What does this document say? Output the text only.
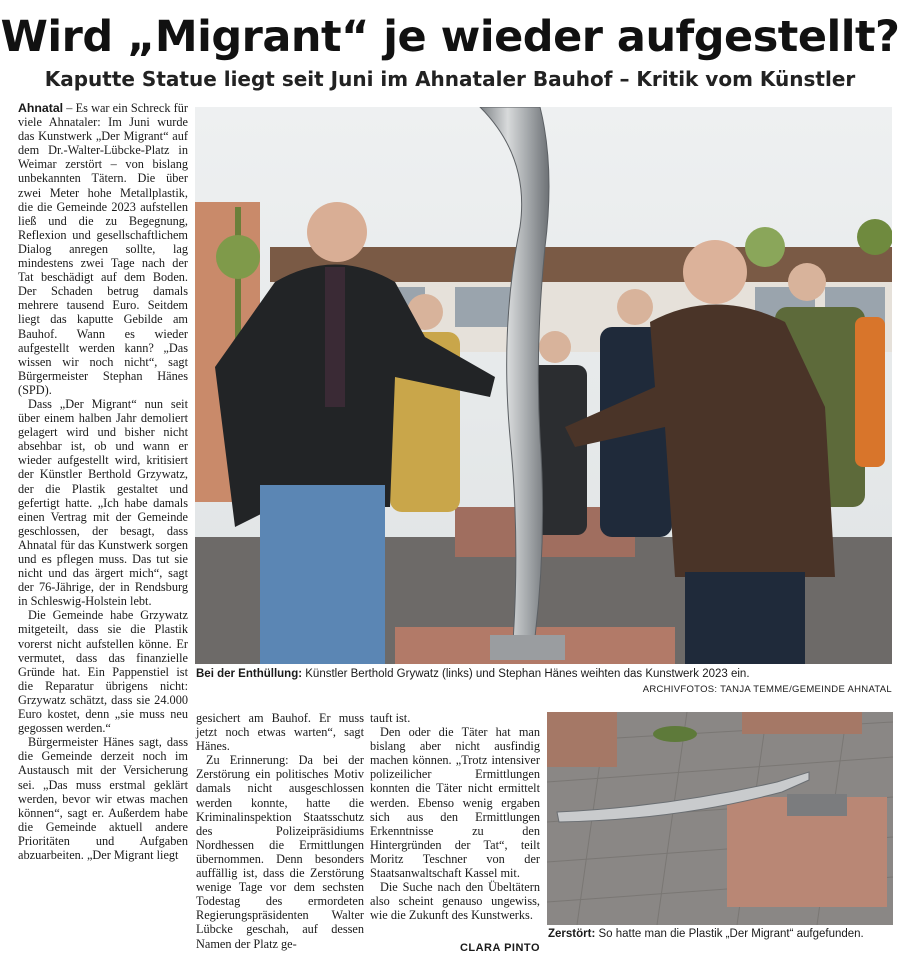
Wird „Migrant“ je wieder aufgestellt?
Kaputte Statue liegt seit Juni im Ahnataler Bauhof – Kritik vom Künstler

Ahnatal – Es war ein Schreck für viele Ahnataler: Im Juni wurde das Kunstwerk „Der Migrant“ auf dem Dr.-Walter-Lübcke-Platz in Weimar zerstört – von bislang unbekannten Tätern. Die über zwei Meter hohe Metallplastik, die die Gemeinde 2023 aufstellen ließ und die zu Begegnung, Reflexion und gesellschaftlichem Dialog anregen sollte, lag mindestens zwei Tage nach der Tat beschädigt auf dem Boden. Der Schaden betrug damals mehrere tausend Euro. Seitdem liegt das kaputte Gebilde am Bauhof. Wann es wieder aufgestellt werden kann? „Das wissen wir noch nicht“, sagt Bürgermeister Stephan Hänes (SPD).

Dass „Der Migrant“ nun seit über einem halben Jahr demoliert gelagert wird und bisher nicht absehbar ist, ob und wann er wieder aufgestellt wird, kritisiert der Künstler Berthold Grzywatz, der die Plastik gestaltet und gefertigt hatte. „Ich habe damals einen Vertrag mit der Gemeinde geschlossen, der besagt, dass Ahnatal für das Kunstwerk sorgen und es pflegen muss. Das tut sie nicht und das ärgert mich“, sagt der 76-Jährige, der in Rendsburg in Schleswig-Holstein lebt.

Die Gemeinde habe Grzywatz mitgeteilt, dass sie die Plastik vorerst nicht aufstellen könne. Er vermutet, dass das finanzielle Gründe hat. Ein Pappenstiel ist die Reparatur übrigens nicht: Grzywatz schätzt, dass sie 24.000 Euro kostet, denn „sie muss neu gegossen werden.“

Bürgermeister Hänes sagt, dass die Gemeinde derzeit noch im Austausch mit der Versicherung sei. „Das muss erstmal geklärt werden, bevor wir etwas machen können“, sagt er. Außerdem habe die Gemeinde aktuell andere Prioritäten und Aufgaben abzuarbeiten. „Der Migrant liegt

gesichert am Bauhof. Er muss jetzt noch etwas warten“, sagt Hänes.

Zu Erinnerung: Da bei der Zerstörung ein politisches Motiv damals nicht ausgeschlossen werden konnte, hatte die Kriminalinspektion Staatsschutz des Polizeipräsidiums Nordhessen die Ermittlungen übernommen. Denn besonders auffällig ist, dass die Zerstörung wenige Tage vor dem sechsten Todestag des ermordeten Regierungspräsidenten Walter Lübcke geschah, auf dessen Namen der Platz ge-

tauft ist.

Den oder die Täter hat man bislang aber nicht ausfindig machen können. „Trotz intensiver polizeilicher Ermittlungen konnten die Täter nicht ermittelt werden. Ebenso wenig ergaben sich aus den Ermittlungen Erkenntnisse zu den Hintergründen der Tat“, teilt Moritz Teschner von der Staatsanwaltschaft Kassel mit.

Die Suche nach den Übeltätern also scheint genauso ungewiss, wie die Zukunft des Kunstwerks.

CLARA PINTO
Bei der Enthüllung: Künstler Berthold Grywatz (links) und Stephan Hänes weihten das Kunstwerk 2023 ein.
ARCHIVFOTOS: TANJA TEMME/GEMEINDE AHNATAL
Zerstört: So hatte man die Plastik „Der Migrant“ aufgefunden.
